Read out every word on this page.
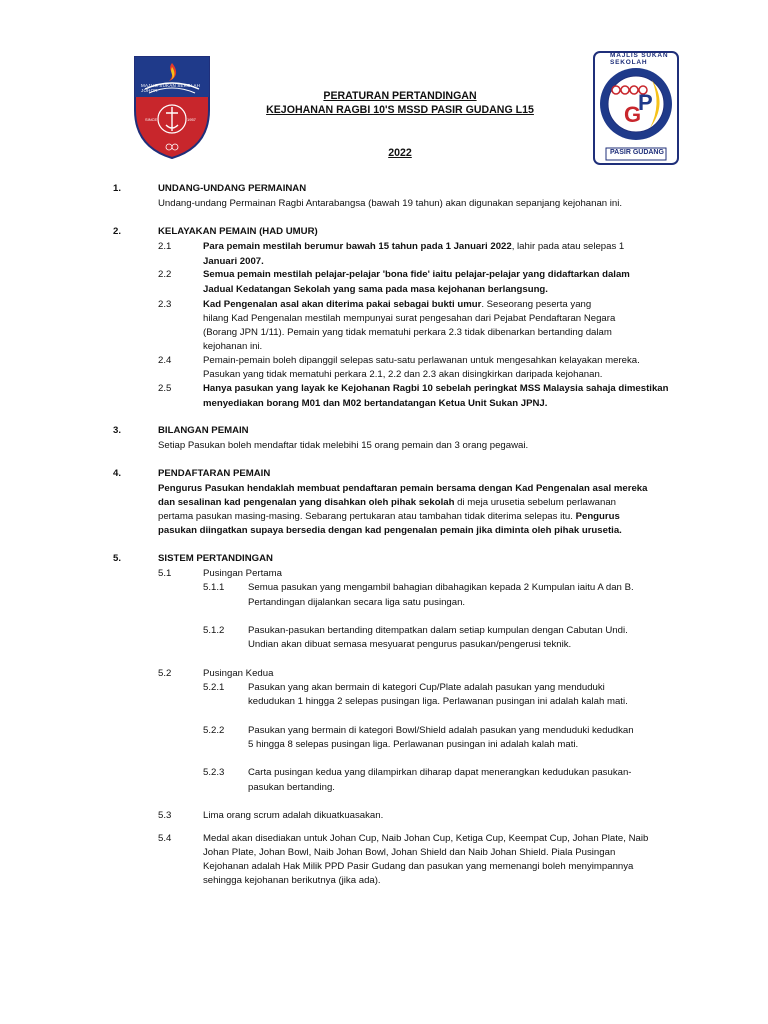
MAJLIS SUKAN SEKOLAH JOHOR
SINCE	1957	G
P
MAJLIS SUKAN SEKOLAH
PASIR GUDANG
PERATURAN PERTANDINGAN
KEJOHANAN RAGBI 10'S MSSD PASIR GUDANG L15
2022
1.	UNDANG-UNDANG PERMAINAN
Undang-undang Permainan Ragbi Antarabangsa (bawah 19 tahun) akan digunakan sepanjang kejohanan ini.
2.	KELAYAKAN PEMAIN (HAD UMUR)
2.1	Para pemain mestilah berumur bawah 15 tahun pada 1 Januari 2022, lahir pada atau selepas 1
Januari 2007.
2.2	Semua pemain mestilah pelajar-pelajar 'bona fide' iaitu pelajar-pelajar yang didaftarkan dalam
Jadual Kedatangan Sekolah yang sama pada masa kejohanan berlangsung.
2.3	Kad Pengenalan asal akan diterima pakai sebagai bukti umur. Seseorang peserta yang
hilang Kad Pengenalan mestilah mempunyai surat pengesahan dari Pejabat Pendaftaran Negara
(Borang JPN 1/11). Pemain yang tidak mematuhi perkara 2.3 tidak dibenarkan bertanding dalam
kejohanan ini.
2.4	Pemain-pemain boleh dipanggil selepas satu-satu perlawanan untuk mengesahkan kelayakan mereka.
Pasukan yang tidak mematuhi perkara 2.1, 2.2 dan 2.3 akan disingkirkan daripada kejohanan.
2.5	Hanya pasukan yang layak ke Kejohanan Ragbi 10 sebelah peringkat MSS Malaysia sahaja dimestikan
menyediakan borang M01 dan M02 bertandatangan Ketua Unit Sukan JPNJ.
3.	BILANGAN PEMAIN
Setiap Pasukan boleh mendaftar tidak melebihi 15 orang pemain dan 3 orang pegawai.
4.	PENDAFTARAN PEMAIN
Pengurus Pasukan hendaklah membuat pendaftaran pemain bersama dengan Kad Pengenalan asal mereka
dan sesalinan kad pengenalan yang disahkan oleh pihak sekolah di meja urusetia sebelum perlawanan
pertama pasukan masing-masing. Sebarang pertukaran atau tambahan tidak diterima selepas itu. Pengurus
pasukan diingatkan supaya bersedia dengan kad pengenalan pemain jika diminta oleh pihak urusetia.
5.	SISTEM PERTANDINGAN
5.1	Pusingan Pertama
5.1.1 Semua pasukan yang mengambil bahagian dibahagikan kepada 2 Kumpulan iaitu A dan B.
Pertandingan dijalankan secara liga satu pusingan.
5.1.2 Pasukan-pasukan bertanding ditempatkan dalam setiap kumpulan dengan Cabutan Undi.
Undian akan dibuat semasa mesyuarat pengurus pasukan/pengerusi teknik.
5.2	Pusingan Kedua
5.2.1 Pasukan yang akan bermain di kategori Cup/Plate adalah pasukan yang menduduki
kedudukan 1 hingga 2 selepas pusingan liga. Perlawanan pusingan ini adalah kalah mati.
5.2.2 Pasukan yang bermain di kategori Bowl/Shield adalah pasukan yang menduduki kedudkan
5 hingga 8 selepas pusingan liga. Perlawanan pusingan ini adalah kalah mati.
5.2.3 Carta pusingan kedua yang dilampirkan diharap dapat menerangkan kedudukan pasukan-
pasukan bertanding.
5.3	Lima orang scrum adalah dikuatkuasakan.
5.4	Medal akan disediakan untuk Johan Cup, Naib Johan Cup, Ketiga Cup, Keempat Cup, Johan Plate, Naib
Johan Plate, Johan Bowl, Naib Johan Bowl, Johan Shield dan Naib Johan Shield. Piala Pusingan
Kejohanan adalah Hak Milik PPD Pasir Gudang dan pasukan yang memenangi boleh menyimpannya
sehingga kejohanan berikutnya (jika ada).
